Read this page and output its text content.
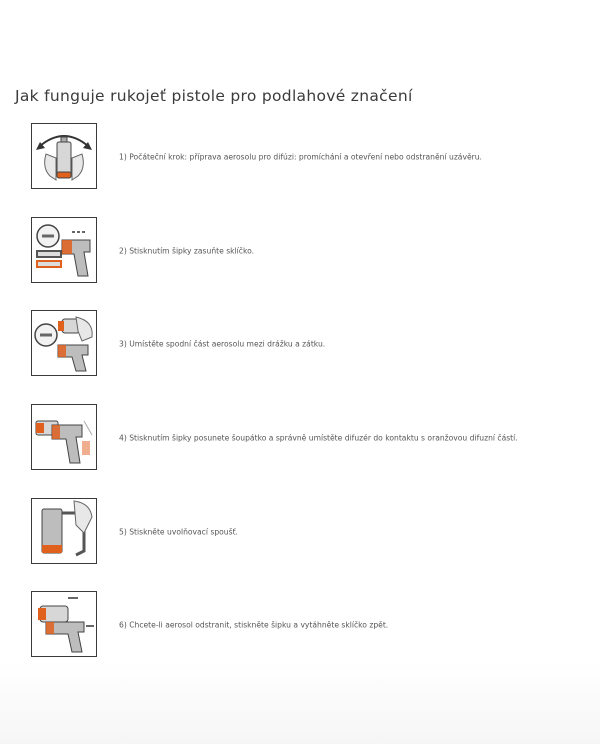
Jak funguje rukojeť pistole pro podlahové značení
1) Počáteční krok: příprava aerosolu pro difúzi: promíchání a otevření nebo odstranění uzávěru.
2) Stisknutím šipky zasuňte sklíčko.
3) Umístěte spodní část aerosolu mezi drážku a zátku.
4) Stisknutím šipky posunete šoupátko a správně umístěte difuzér do kontaktu s oranžovou difuzní částí.
5) Stiskněte uvolňovací spoušť.
6) Chcete-li aerosol odstranit, stiskněte šipku a vytáhněte sklíčko zpět.
